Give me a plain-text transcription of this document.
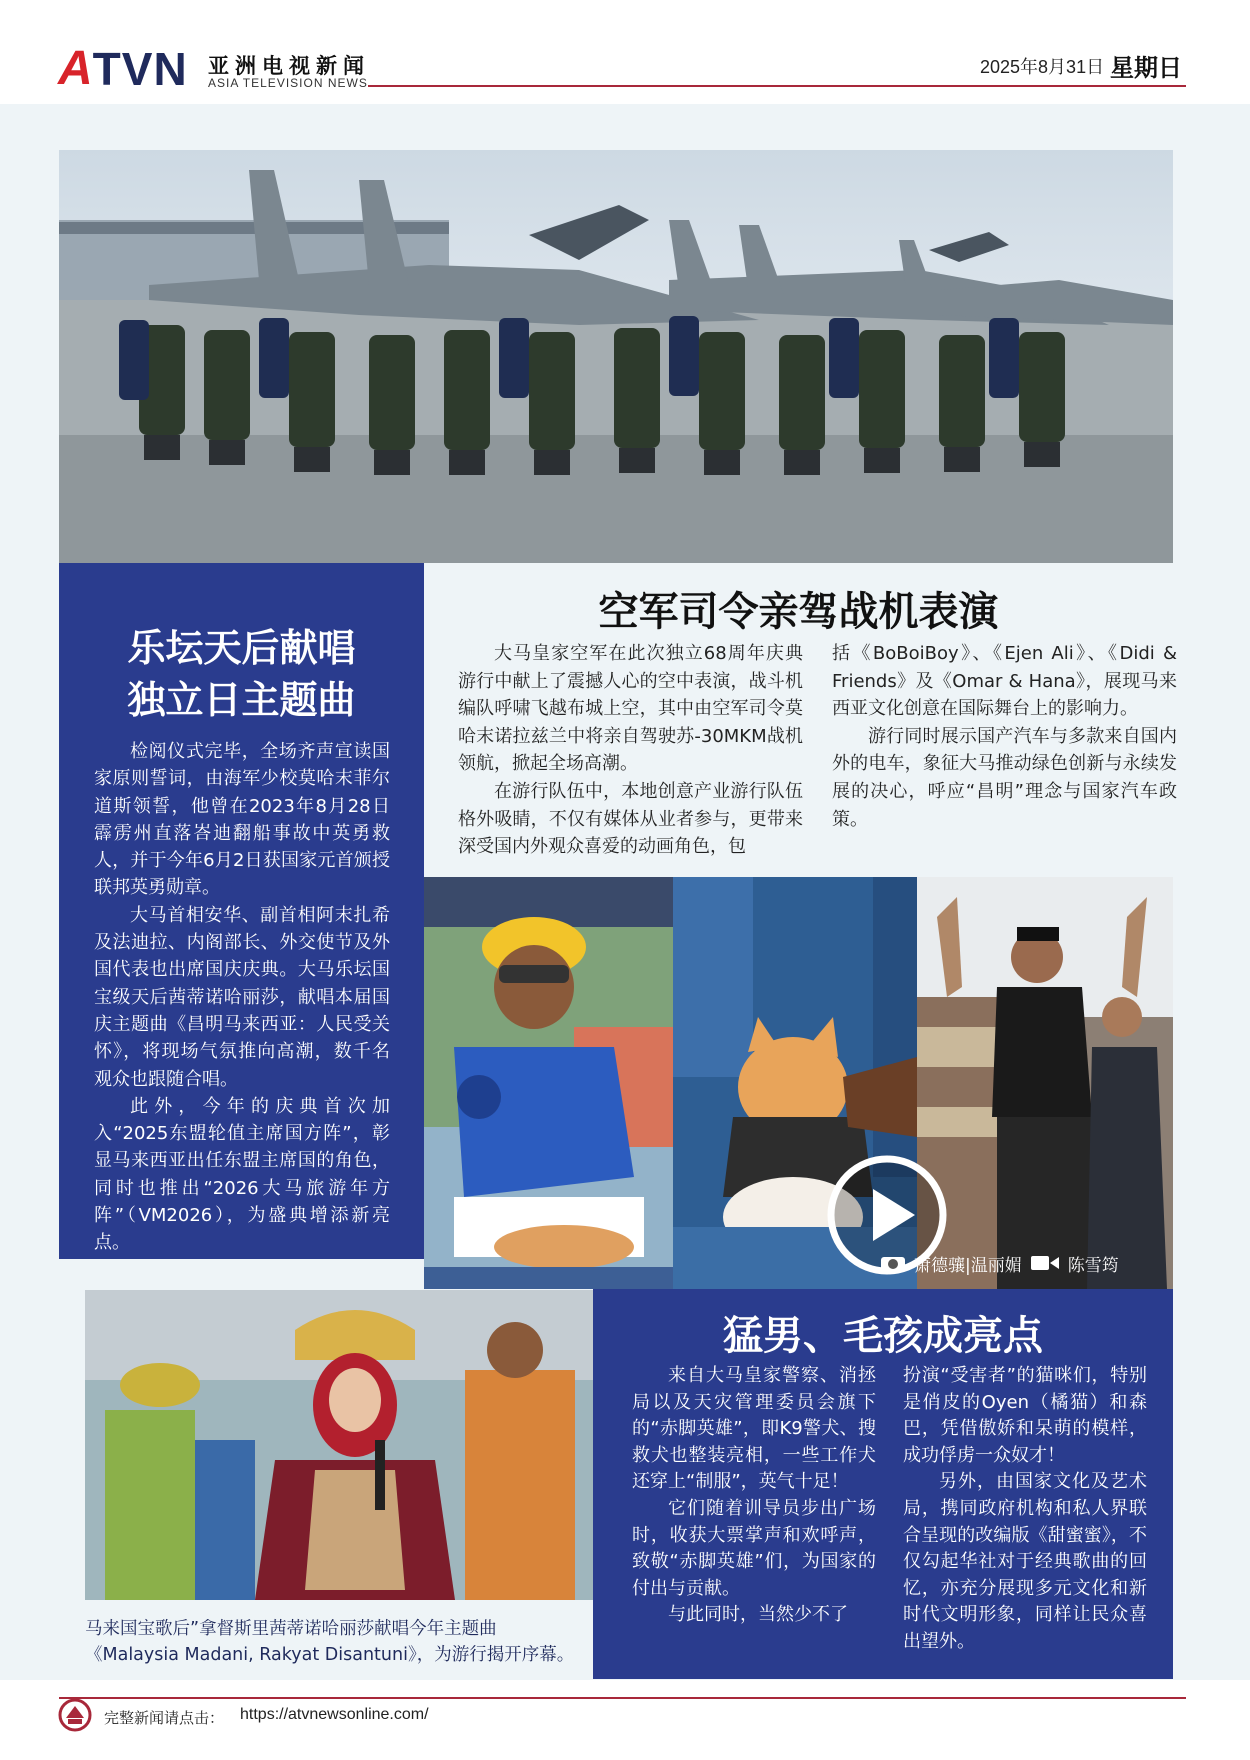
A TVN 亚洲电视新闻
ASIA TELEVISION NEWS
2025年8月31日 星期日
乐坛天后献唱
独立日主题曲

检阅仪式完毕，全场齐声宣读国家原则誓词，由海军少校莫哈末菲尔道斯领誓，他曾在2023年8月28日霹雳州直落峇迪翻船事故中英勇救人，并于今年6月2日获国家元首颁授联邦英勇勋章。

大马首相安华、副首相阿末扎希及法迪拉、内阁部长、外交使节及外国代表也出席国庆庆典。大马乐坛国宝级天后茜蒂诺哈丽莎，献唱本届国庆主题曲《昌明马来西亚：人民受关怀》，将现场气氛推向高潮，数千名观众也跟随合唱。

此外，今年的庆典首次加入“2025东盟轮值主席国方阵”，彰显马来西亚出任东盟主席国的角色，同时也推出“2026大马旅游年方阵”（VM2026），为盛典增添新亮点。

空军司令亲驾战机表演

大马皇家空军在此次独立68周年庆典游行中献上了震撼人心的空中表演，战斗机编队呼啸飞越布城上空，其中由空军司令莫哈末诺拉兹兰中将亲自驾驶苏-30MKM战机领航，掀起全场高潮。

在游行队伍中，本地创意产业游行队伍格外吸睛，不仅有媒体从业者参与，更带来深受国内外观众喜爱的动画角色，包

括《BoBoiBoy》、《Ejen Ali》、《Didi & Friends》及《Omar & Hana》，展现马来西亚文化创意在国际舞台上的影响力。

游行同时展示国产汽车与多款来自国内外的电车，象征大马推动绿色创新与永续发展的决心，呼应“昌明”理念与国家汽车政策。

萧德骧|温丽媚	陈雪筠
马来国宝歌后”拿督斯里茜蒂诺哈丽莎献唱今年主题曲
《Malaysia Madani, Rakyat Disantuni》，为游行揭开序幕。
猛男、毛孩成亮点

来自大马皇家警察、消拯局以及天灾管理委员会旗下的“赤脚英雄”，即K9警犬、搜救犬也整装亮相，一些工作犬还穿上“制服”，英气十足！

它们随着训导员步出广场时，收获大票掌声和欢呼声，致敬“赤脚英雄”们，为国家的付出与贡献。

与此同时，当然少不了

扮演“受害者”的猫咪们，特别是俏皮的Oyen（橘猫）和森巴，凭借傲娇和呆萌的模样，成功俘虏一众奴才！

另外，由国家文化及艺术局，携同政府机构和私人界联合呈现的改编版《甜蜜蜜》，不仅勾起华社对于经典歌曲的回忆，亦充分展现多元文化和新时代文明形象，同样让民众喜出望外。

完整新闻请点击： https://atvnewsonline.com/
